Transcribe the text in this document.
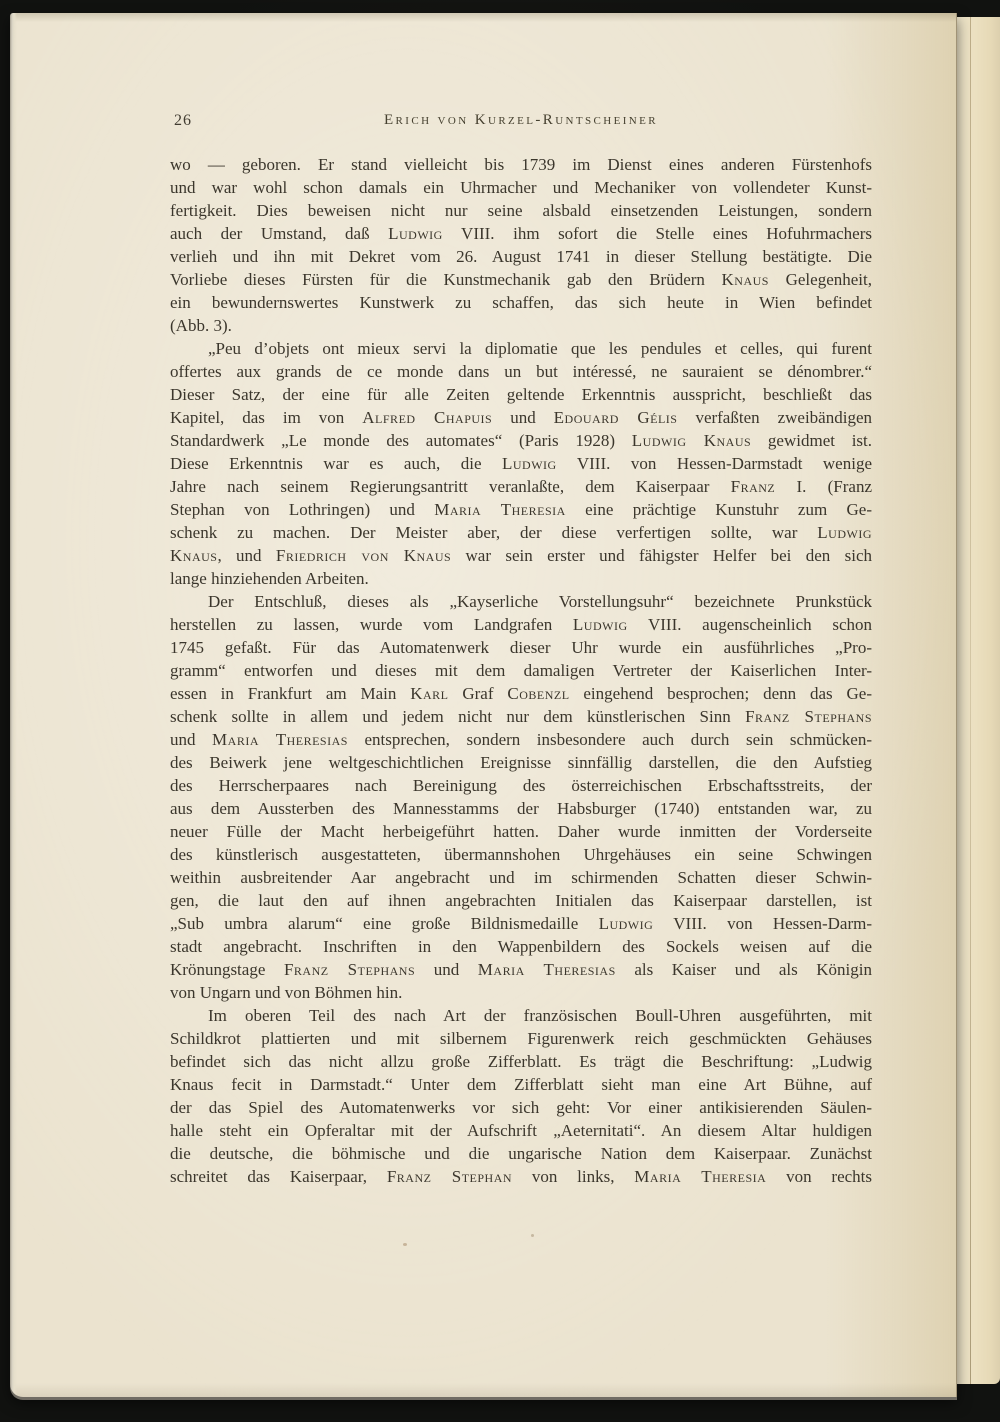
26	Erich von Kurzel-Runtscheiner
wo — geboren. Er stand vielleicht bis 1739 im Dienst eines anderen Fürstenhofs
und war wohl schon damals ein Uhrmacher und Mechaniker von vollendeter Kunst-
fertigkeit. Dies beweisen nicht nur seine alsbald einsetzenden Leistungen, sondern
auch der Umstand, daß Ludwig VIII. ihm sofort die Stelle eines Hofuhrmachers
verlieh und ihn mit Dekret vom 26. August 1741 in dieser Stellung bestätigte. Die
Vorliebe dieses Fürsten für die Kunstmechanik gab den Brüdern Knaus Gelegenheit,
ein bewundernswertes Kunstwerk zu schaffen, das sich heute in Wien befindet
(Abb. 3).
„Peu d’objets ont mieux servi la diplomatie que les pendules et celles, qui furent
offertes aux grands de ce monde dans un but intéressé, ne sauraient se dénombrer.“
Dieser Satz, der eine für alle Zeiten geltende Erkenntnis ausspricht, beschließt das
Kapitel, das im von Alfred Chapuis und Edouard Gélis verfaßten zweibändigen
Standardwerk „Le monde des automates“ (Paris 1928) Ludwig Knaus gewidmet ist.
Diese Erkenntnis war es auch, die Ludwig VIII. von Hessen-Darmstadt wenige
Jahre nach seinem Regierungsantritt veranlaßte, dem Kaiserpaar Franz I. (Franz
Stephan von Lothringen) und Maria Theresia eine prächtige Kunstuhr zum Ge-
schenk zu machen. Der Meister aber, der diese verfertigen sollte, war Ludwig
Knaus, und Friedrich von Knaus war sein erster und fähigster Helfer bei den sich
lange hinziehenden Arbeiten.
Der Entschluß, dieses als „Kayserliche Vorstellungsuhr“ bezeichnete Prunkstück
herstellen zu lassen, wurde vom Landgrafen Ludwig VIII. augenscheinlich schon
1745 gefaßt. Für das Automatenwerk dieser Uhr wurde ein ausführliches „Pro-
gramm“ entworfen und dieses mit dem damaligen Vertreter der Kaiserlichen Inter-
essen in Frankfurt am Main Karl Graf Cobenzl eingehend besprochen; denn das Ge-
schenk sollte in allem und jedem nicht nur dem künstlerischen Sinn Franz Stephans
und Maria Theresias entsprechen, sondern insbesondere auch durch sein schmücken-
des Beiwerk jene weltgeschichtlichen Ereignisse sinnfällig darstellen, die den Aufstieg
des Herrscherpaares nach Bereinigung des österreichischen Erbschaftsstreits, der
aus dem Aussterben des Mannesstamms der Habsburger (1740) entstanden war, zu
neuer Fülle der Macht herbeigeführt hatten. Daher wurde inmitten der Vorderseite
des künstlerisch ausgestatteten, übermannshohen Uhrgehäuses ein seine Schwingen
weithin ausbreitender Aar angebracht und im schirmenden Schatten dieser Schwin-
gen, die laut den auf ihnen angebrachten Initialen das Kaiserpaar darstellen, ist
„Sub umbra alarum“ eine große Bildnismedaille Ludwig VIII. von Hessen-Darm-
stadt angebracht. Inschriften in den Wappenbildern des Sockels weisen auf die
Krönungstage Franz Stephans und Maria Theresias als Kaiser und als Königin
von Ungarn und von Böhmen hin.
Im oberen Teil des nach Art der französischen Boull-Uhren ausgeführten, mit
Schildkrot plattierten und mit silbernem Figurenwerk reich geschmückten Gehäuses
befindet sich das nicht allzu große Zifferblatt. Es trägt die Beschriftung: „Ludwig
Knaus fecit in Darmstadt.“ Unter dem Zifferblatt sieht man eine Art Bühne, auf
der das Spiel des Automatenwerks vor sich geht: Vor einer antikisierenden Säulen-
halle steht ein Opferaltar mit der Aufschrift „Aeternitati“. An diesem Altar huldigen
die deutsche, die böhmische und die ungarische Nation dem Kaiserpaar. Zunächst
schreitet das Kaiserpaar, Franz Stephan von links, Maria Theresia von rechts
